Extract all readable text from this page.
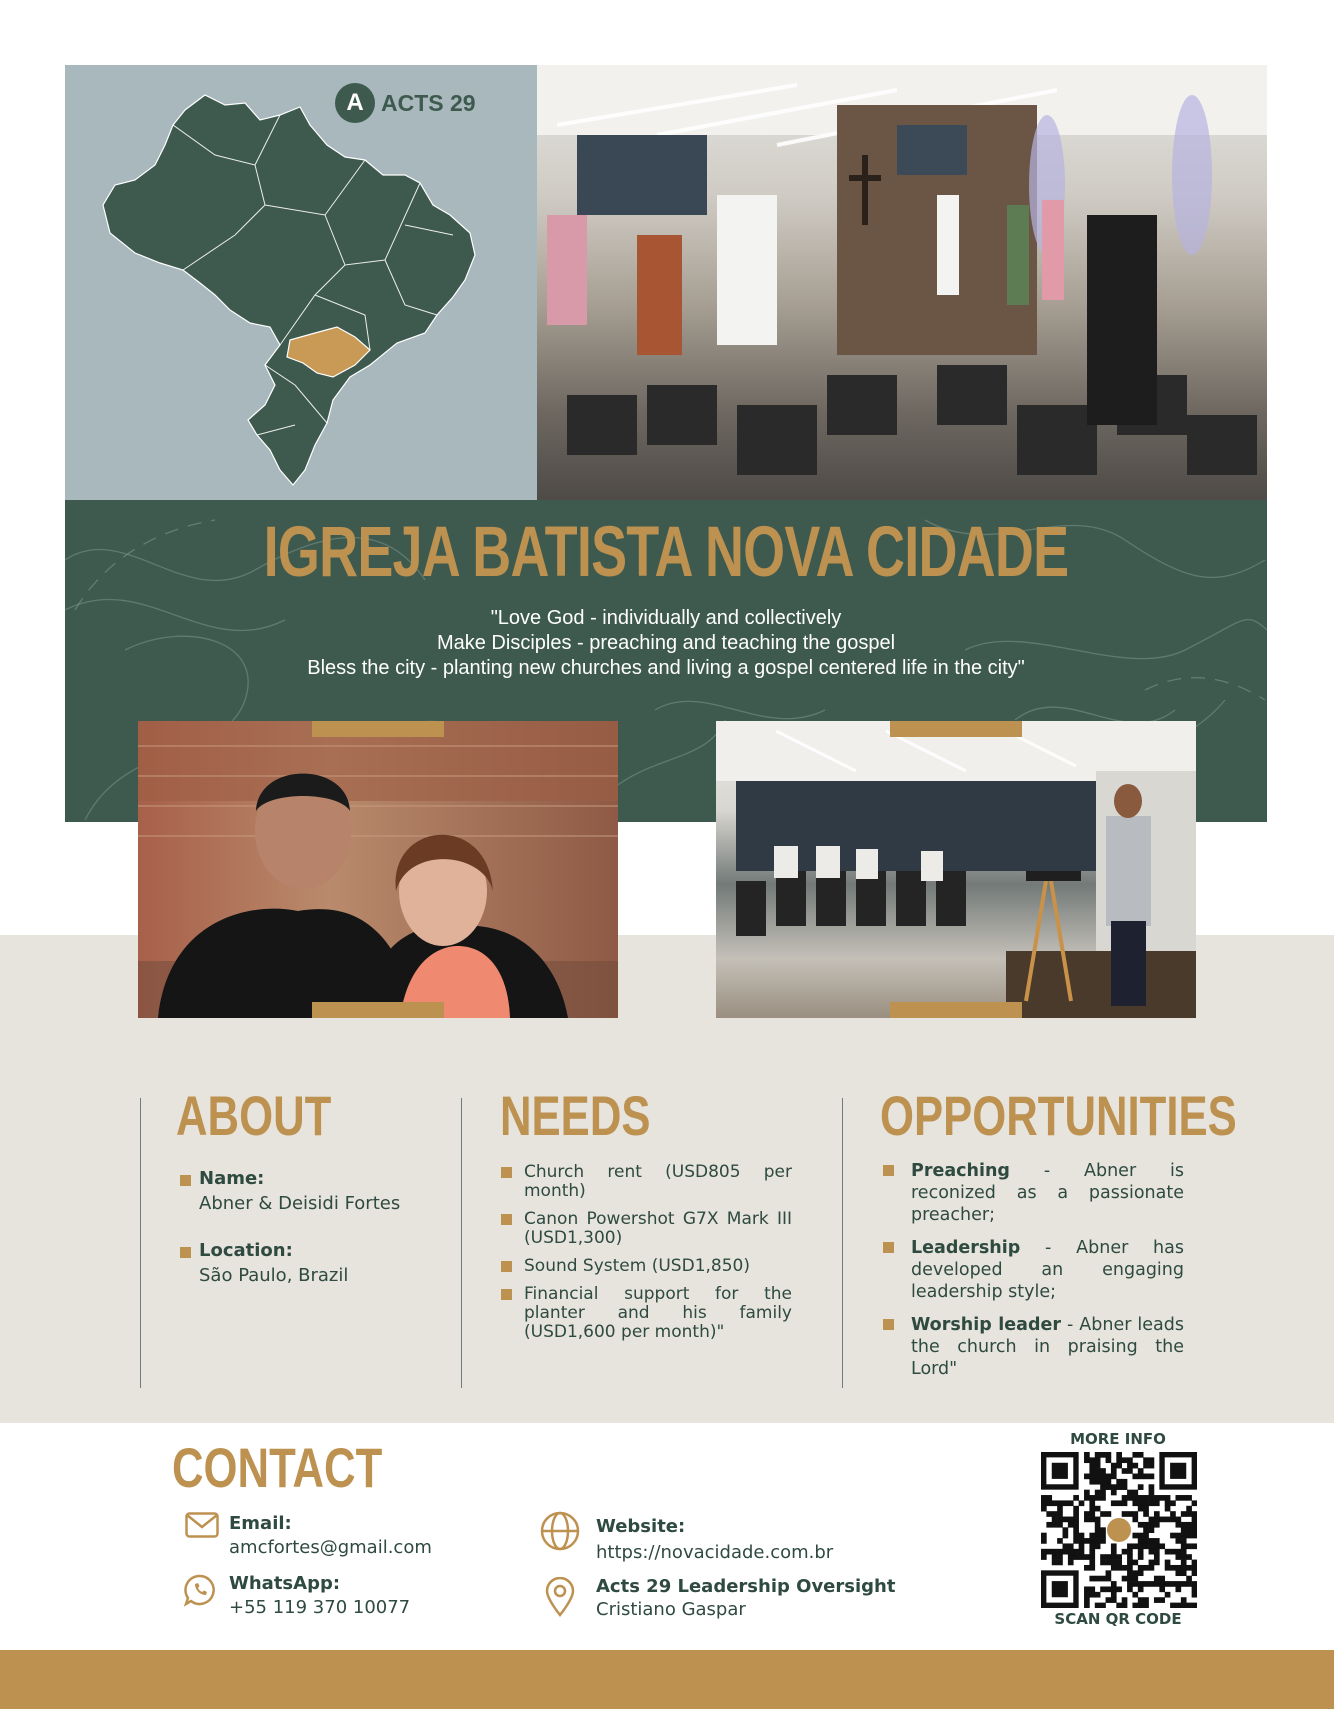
A ACTS 29
IGREJA BATISTA NOVA CIDADE
"Love God - individually and collectively
Make Disciples - preaching and teaching the gospel
Bless the city - planting new churches and living a gospel centered life in the city"
ABOUT
Name:
Abner & Deisidi Fortes
Location:
São Paulo, Brazil
NEEDS
Church rent (USD805 per month)
Canon Powershot G7X Mark III (USD1,300)
Sound System (USD1,850)
Financial support for the planter and his family (USD1,600 per month)"
OPPORTUNITIES
Preaching - Abner is reconized as a passionate preacher;
Leadership - Abner has developed an engaging leadership style;
Worship leader - Abner leads the church in praising the Lord"
CONTACT
Email:
amcfortes@gmail.com
WhatsApp:
+55 119 370 10077
Website:
https://novacidade.com.br
Acts 29 Leadership Oversight
Cristiano Gaspar
MORE INFO
SCAN QR CODE
